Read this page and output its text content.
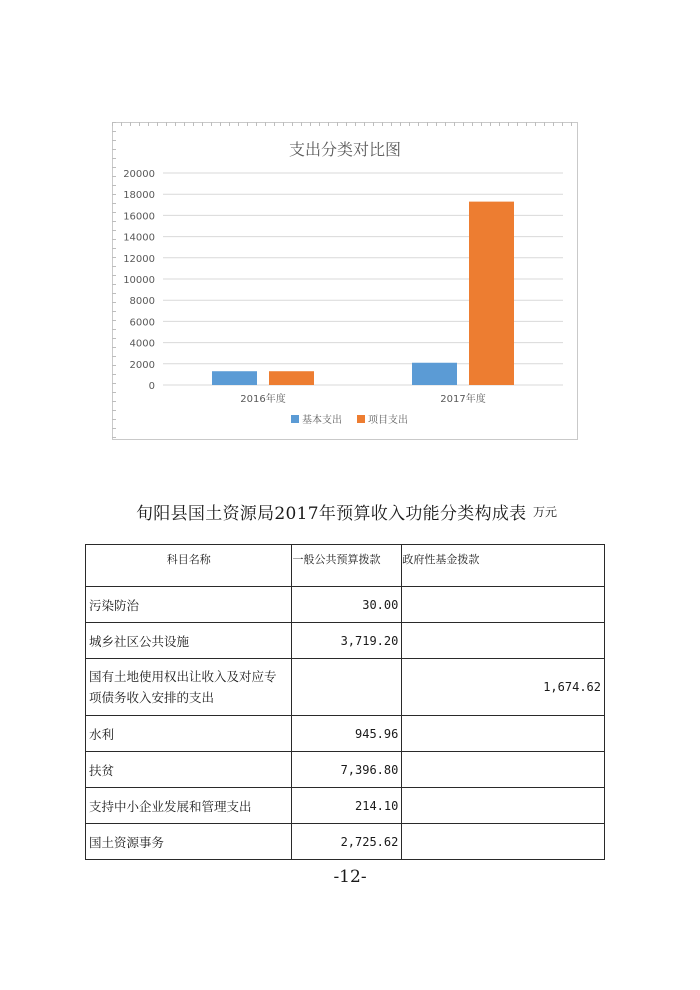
支出分类对比图
0
2000
4000
6000
8000
10000
12000
14000
16000
18000
20000
2016年度	2017年度
基本支出	项目支出
旬阳县国土资源局2017年预算收入功能分类构成表 万元
科目名称	一般公共预算拨款	政府性基金拨款
污染防治	30.00	
城乡社区公共设施	3,719.20	
国有土地使用权出让收入及对应专项债务收入安排的支出		1,674.62
水利	945.96	
扶贫	7,396.80	
支持中小企业发展和管理支出	214.10	
国土资源事务	2,725.62	
-12-
